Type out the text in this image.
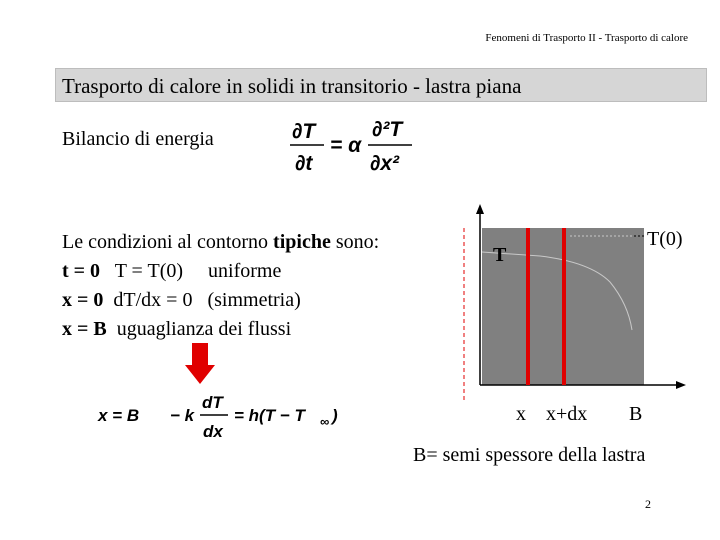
Fenomeni di Trasporto II - Trasporto di calore
Trasporto di calore in solidi in transitorio - lastra piana
Bilancio di energia	∂T
∂t
= α
∂²T
∂x²
Le condizioni al contorno tipiche sono:
t = 0   T = T(0)     uniforme
x = 0  dT/dx = 0   (simmetria)
x = B  uguaglianza dei flussi
x = B − k
dT
dx
= h(T − T ∞ )
T
T(0)
x x+dx B
B= semi spessore della lastra
2
